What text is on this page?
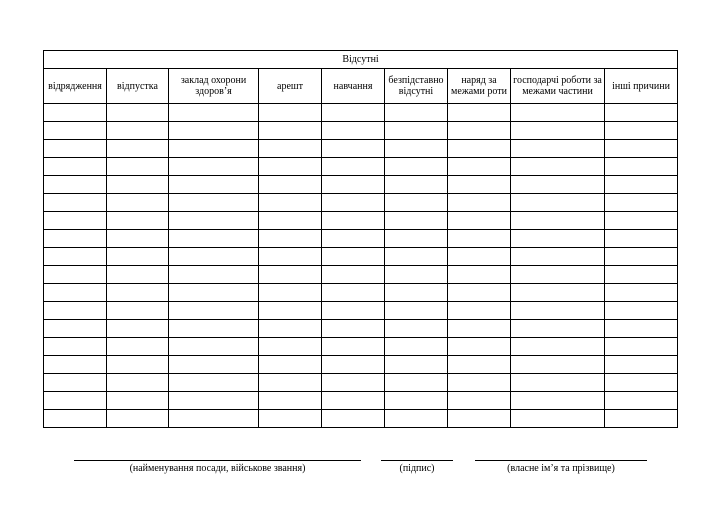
Відсутні								
відрядження	відпустка	заклад охорони здоров’я	арешт	навчання	безпідставно відсутні	наряд за межами роти	господарчі роботи за межами частини	інші причини

(найменування посади, військове звання)	(підпис)	(власне ім’я та прізвище)
